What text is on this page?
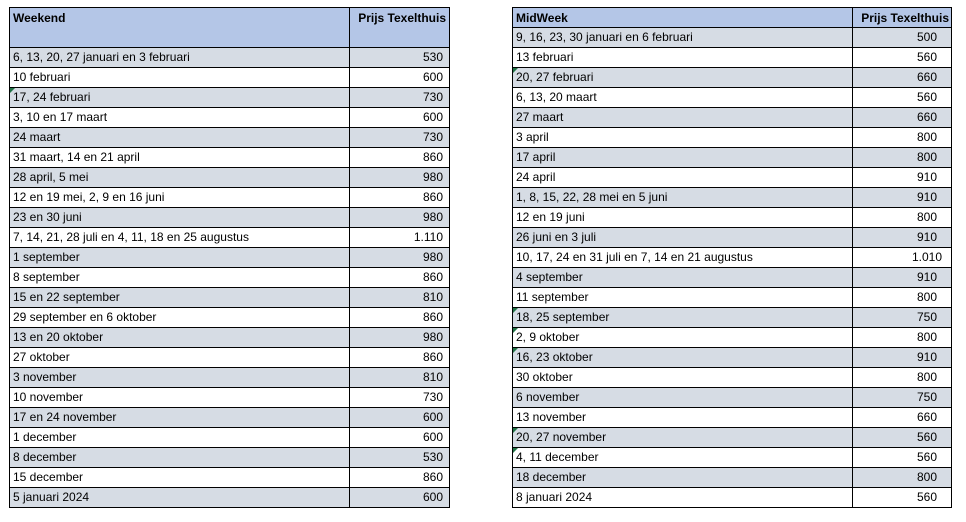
Weekend	Prijs Texelthuis
6, 13, 20, 27 januari en 3 februari	530
10 februari	600

17, 24 februari	730
3, 10 en 17 maart	600
24 maart	730
31 maart, 14 en 21 april	860
28 april, 5 mei	980
12 en 19 mei, 2, 9 en 16 juni	860
23 en 30 juni	980
7, 14, 21, 28 juli en 4, 11, 18 en 25 augustus	1.110
1 september	980
8 september	860
15 en 22 september	810
29 september en 6 oktober	860
13 en 20 oktober	980
27 oktober	860
3 november	810
10 november	730
17 en 24 november	600
1 december	600
8 december	530
15 december	860
5 januari 2024	600
MidWeek	Prijs Texelthuis
9, 16, 23, 30 januari en 6 februari	500
13 februari	560

20, 27 februari	660
6, 13, 20 maart	560
27 maart	660
3 april	800
17 april	800
24 april	910
1, 8, 15, 22, 28 mei en 5 juni	910
12 en 19 juni	800
26 juni en 3 juli	910
10, 17, 24 en 31 juli en 7, 14 en 21 augustus	1.010
4 september	910
11 september	800

18, 25 september	750

2, 9 oktober	800

16, 23 oktober	910
30 oktober	800
6 november	750
13 november	660

20, 27 november	560

4, 11 december	560
18 december	800
8 januari 2024	560
